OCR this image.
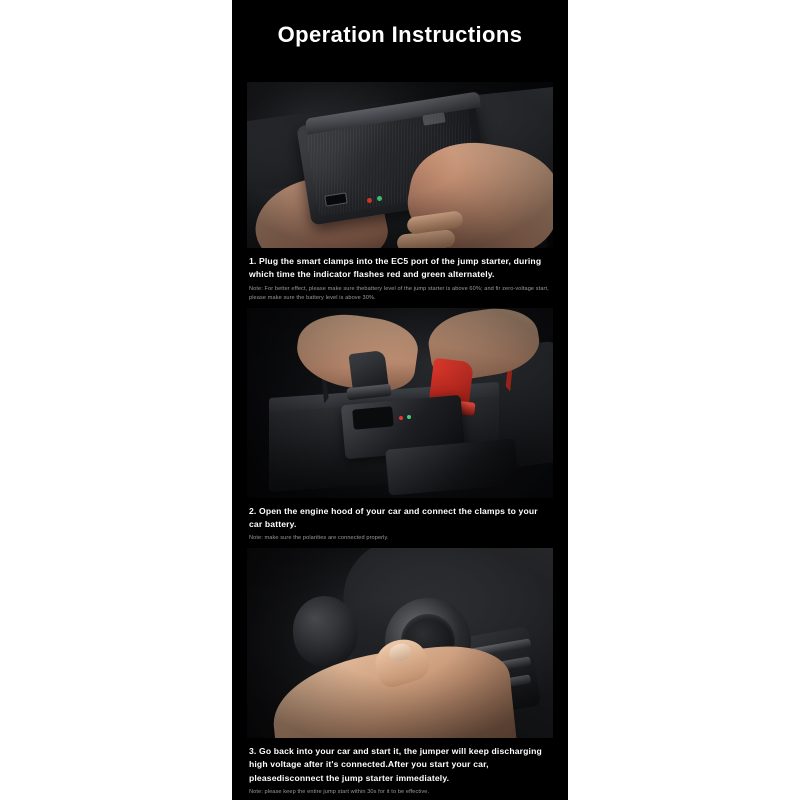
Operation Instructions
1. Plug the smart clamps into the EC5 port of the jump starter, during which time the indicator flashes red and green alternately.
Note: For better effect, please make sure thebattery level of the jump starter is above 60%; and fir zero-voltage start, please make sure the battery level is above 30%.
2. Open the engine hood of your car and connect the clamps to your car battery.
Note: make sure the polarities are connected properly.
3. Go back into your car and start it, the jumper will keep discharging high voltage after it's connected.After you start your car, pleasedisconnect the jump starter immediately.
Note: please keep the entire jump start within 30s for it to be effective.
